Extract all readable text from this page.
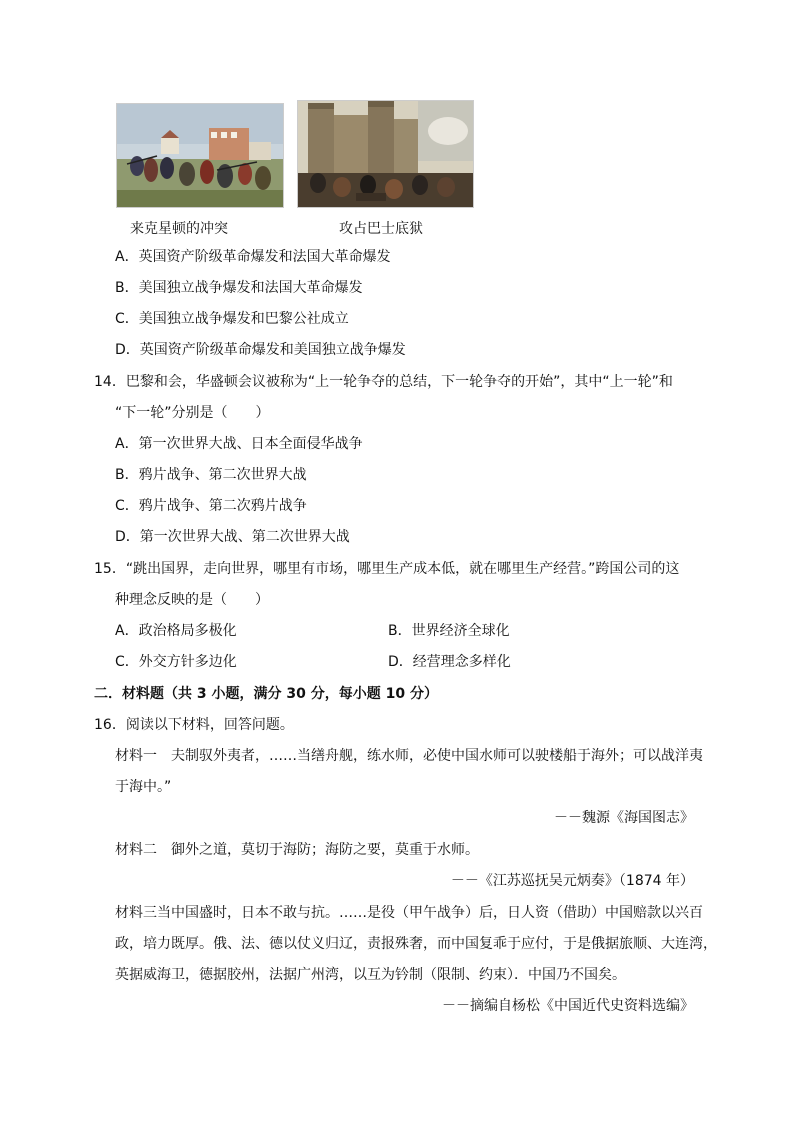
来克星顿的冲突	攻占巴士底狱
A．英国资产阶级革命爆发和法国大革命爆发
B．美国独立战争爆发和法国大革命爆发
C．美国独立战争爆发和巴黎公社成立
D．英国资产阶级革命爆发和美国独立战争爆发
14．巴黎和会，华盛顿会议被称为“上一轮争夺的总结，下一轮争夺的开始”，其中“上一轮”和
“下一轮”分别是（　　）
A．第一次世界大战、日本全面侵华战争
B．鸦片战争、第二次世界大战
C．鸦片战争、第二次鸦片战争
D．第一次世界大战、第二次世界大战
15．“跳出国界，走向世界，哪里有市场，哪里生产成本低，就在哪里生产经营。”跨国公司的这
种理念反映的是（　　）
A．政治格局多极化	B．世界经济全球化
C．外交方针多边化	D．经营理念多样化
二．材料题（共 3 小题，满分 30 分，每小题 10 分）
16．阅读以下材料，回答问题。
材料一　夫制驭外夷者，……当缮舟舰，练水师，必使中国水师可以驶楼船于海外；可以战洋夷
于海中。”
－－魏源《海国图志》
材料二　御外之道，莫切于海防；海防之要，莫重于水师。
－－《江苏巡抚吴元炳奏》（1874 年）
材料三当中国盛时，日本不敢与抗。……是役（甲午战争）后，日人资（借助）中国赔款以兴百
政，培力既厚。俄、法、德以仗义归辽，责报殊奢，而中国复乖于应付，于是俄据旅顺、大连湾，
英据威海卫，德据胶州，法据广州湾，以互为钤制（限制、约束）．中国乃不国矣。
－－摘编自杨松《中国近代史资料选编》
